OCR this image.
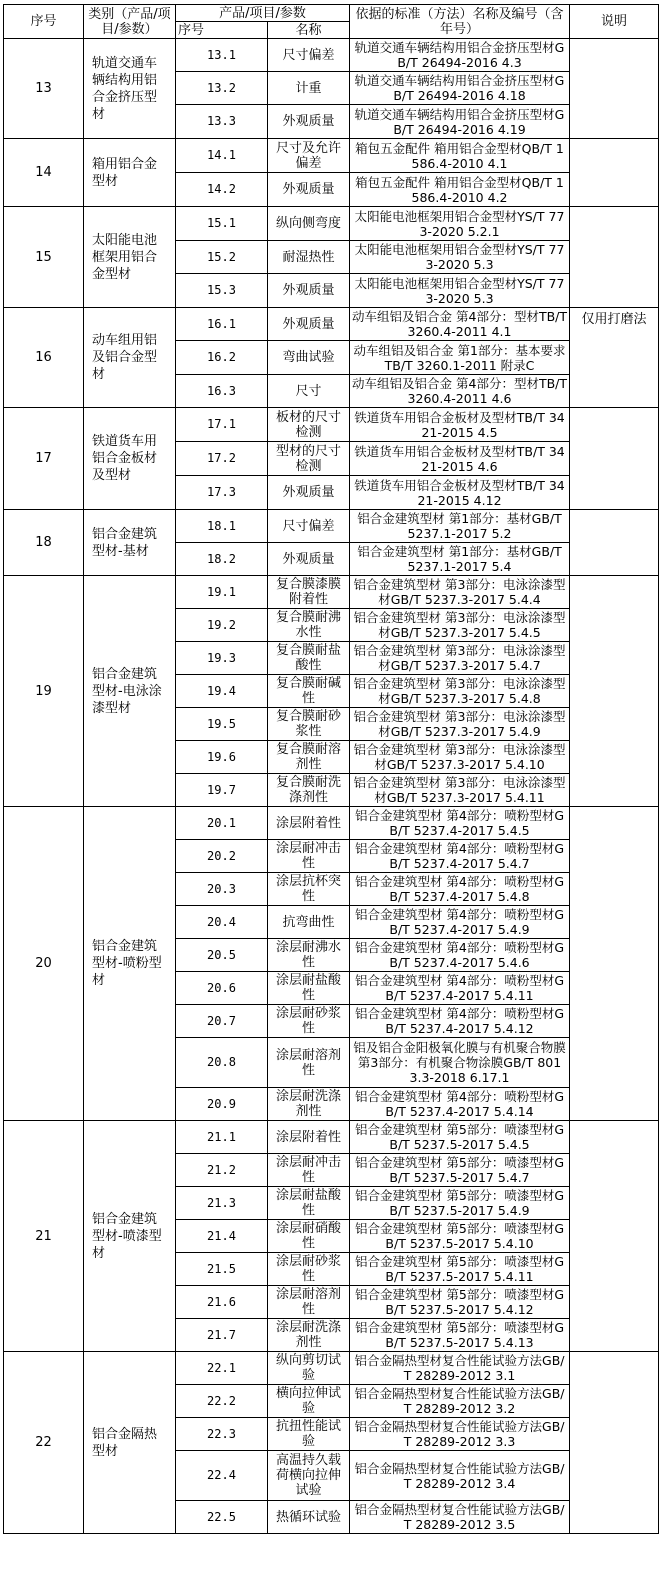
序号	类别（产品/项目/参数）	产品/项目/参数		依据的标准（方法）名称及编号（含年号）	说明
		序号	名称		
13	轨道交通车辆结构用铝合金挤压型材	13.1	尺寸偏差	轨道交通车辆结构用铝合金挤压型材GB/T 26494-2016 4.3	
		13.2	计重	轨道交通车辆结构用铝合金挤压型材GB/T 26494-2016 4.18	
		13.3	外观质量	轨道交通车辆结构用铝合金挤压型材GB/T 26494-2016 4.19	
14	箱用铝合金型材	14.1	尺寸及允许偏差	箱包五金配件 箱用铝合金型材QB/T 1586.4-2010 4.1	
		14.2	外观质量	箱包五金配件 箱用铝合金型材QB/T 1586.4-2010 4.2	
15	太阳能电池框架用铝合金型材	15.1	纵向侧弯度	太阳能电池框架用铝合金型材YS/T 773-2020 5.2.1	
		15.2	耐湿热性	太阳能电池框架用铝合金型材YS/T 773-2020 5.3	
		15.3	外观质量	太阳能电池框架用铝合金型材YS/T 773-2020 5.3	
16	动车组用铝及铝合金型材	16.1	外观质量	动车组铝及铝合金 第4部分：型材TB/T 3260.4-2011 4.1	仅用打磨法
		16.2	弯曲试验	动车组铝及铝合金 第1部分：基本要求TB/T 3260.1-2011 附录C	
		16.3	尺寸	动车组铝及铝合金 第4部分：型材TB/T 3260.4-2011 4.6	
17	铁道货车用铝合金板材及型材	17.1	板材的尺寸检测	铁道货车用铝合金板材及型材TB/T 3421-2015 4.5	
		17.2	型材的尺寸检测	铁道货车用铝合金板材及型材TB/T 3421-2015 4.6	
		17.3	外观质量	铁道货车用铝合金板材及型材TB/T 3421-2015 4.12	
18	铝合金建筑型材-基材	18.1	尺寸偏差	铝合金建筑型材 第1部分：基材GB/T 5237.1-2017 5.2	
		18.2	外观质量	铝合金建筑型材 第1部分：基材GB/T 5237.1-2017 5.4	
19	铝合金建筑型材-电泳涂漆型材	19.1	复合膜漆膜附着性	铝合金建筑型材 第3部分：电泳涂漆型材GB/T 5237.3-2017 5.4.4	
		19.2	复合膜耐沸水性	铝合金建筑型材 第3部分：电泳涂漆型材GB/T 5237.3-2017 5.4.5	
		19.3	复合膜耐盐酸性	铝合金建筑型材 第3部分：电泳涂漆型材GB/T 5237.3-2017 5.4.7	
		19.4	复合膜耐碱性	铝合金建筑型材 第3部分：电泳涂漆型材GB/T 5237.3-2017 5.4.8	
		19.5	复合膜耐砂浆性	铝合金建筑型材 第3部分：电泳涂漆型材GB/T 5237.3-2017 5.4.9	
		19.6	复合膜耐溶剂性	铝合金建筑型材 第3部分：电泳涂漆型材GB/T 5237.3-2017 5.4.10	
		19.7	复合膜耐洗涤剂性	铝合金建筑型材 第3部分：电泳涂漆型材GB/T 5237.3-2017 5.4.11	
20	铝合金建筑型材-喷粉型材	20.1	涂层附着性	铝合金建筑型材 第4部分：喷粉型材GB/T 5237.4-2017 5.4.5	
		20.2	涂层耐冲击性	铝合金建筑型材 第4部分：喷粉型材GB/T 5237.4-2017 5.4.7	
		20.3	涂层抗杯突性	铝合金建筑型材 第4部分：喷粉型材GB/T 5237.4-2017 5.4.8	
		20.4	抗弯曲性	铝合金建筑型材 第4部分：喷粉型材GB/T 5237.4-2017 5.4.9	
		20.5	涂层耐沸水性	铝合金建筑型材 第4部分：喷粉型材GB/T 5237.4-2017 5.4.6	
		20.6	涂层耐盐酸性	铝合金建筑型材 第4部分：喷粉型材GB/T 5237.4-2017 5.4.11	
		20.7	涂层耐砂浆性	铝合金建筑型材 第4部分：喷粉型材GB/T 5237.4-2017 5.4.12	
		20.8	涂层耐溶剂性	铝及铝合金阳极氧化膜与有机聚合物膜 第3部分：有机聚合物涂膜GB/T 8013.3-2018 6.17.1	
		20.9	涂层耐洗涤剂性	铝合金建筑型材 第4部分：喷粉型材GB/T 5237.4-2017 5.4.14	
21	铝合金建筑型材-喷漆型材	21.1	涂层附着性	铝合金建筑型材 第5部分：喷漆型材GB/T 5237.5-2017 5.4.5	
		21.2	涂层耐冲击性	铝合金建筑型材 第5部分：喷漆型材GB/T 5237.5-2017 5.4.7	
		21.3	涂层耐盐酸性	铝合金建筑型材 第5部分：喷漆型材GB/T 5237.5-2017 5.4.9	
		21.4	涂层耐硝酸性	铝合金建筑型材 第5部分：喷漆型材GB/T 5237.5-2017 5.4.10	
		21.5	涂层耐砂浆性	铝合金建筑型材 第5部分：喷漆型材GB/T 5237.5-2017 5.4.11	
		21.6	涂层耐溶剂性	铝合金建筑型材 第5部分：喷漆型材GB/T 5237.5-2017 5.4.12	
		21.7	涂层耐洗涤剂性	铝合金建筑型材 第5部分：喷漆型材GB/T 5237.5-2017 5.4.13	
22	铝合金隔热型材	22.1	纵向剪切试验	铝合金隔热型材复合性能试验方法GB/T 28289-2012 3.1	
		22.2	横向拉伸试验	铝合金隔热型材复合性能试验方法GB/T 28289-2012 3.2	
		22.3	抗扭性能试验	铝合金隔热型材复合性能试验方法GB/T 28289-2012 3.3	
		22.4	高温持久载荷横向拉伸试验	铝合金隔热型材复合性能试验方法GB/T 28289-2012 3.4	
		22.5	热循环试验	铝合金隔热型材复合性能试验方法GB/T 28289-2012 3.5	
